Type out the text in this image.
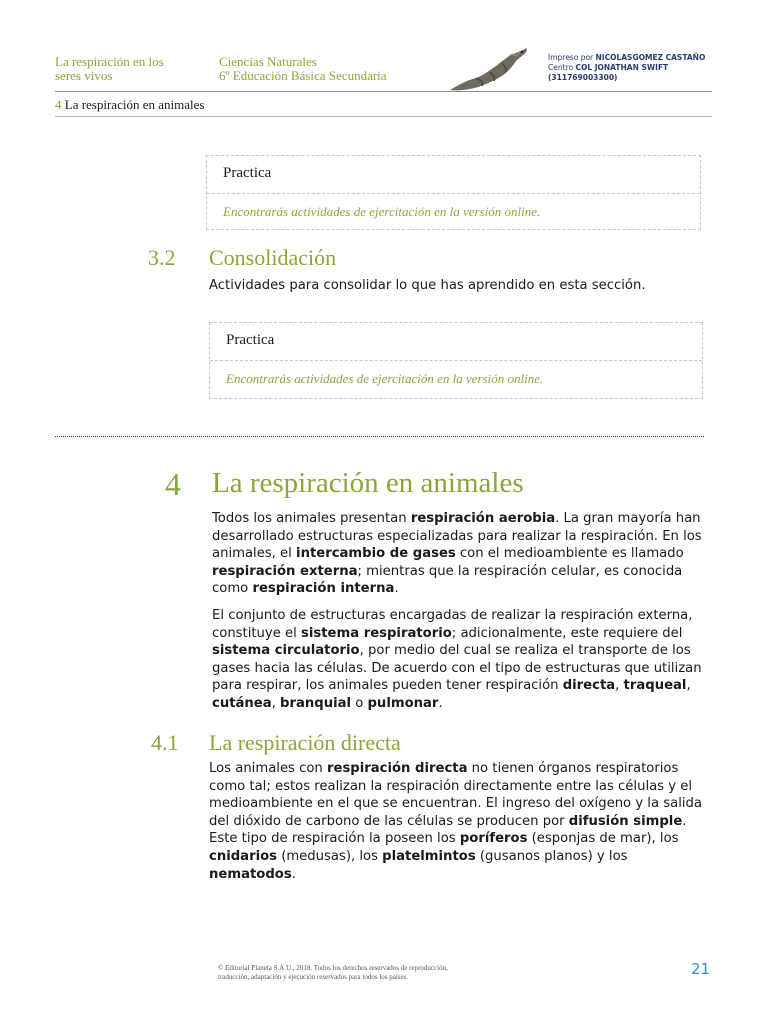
La respiración en los
seres vivos
Ciencias Naturales
6º Educación Básica Secundaria
Impreso por NICOLASGOMEZ CASTAÑO
Centro COL JONATHAN SWIFT
(311769003300)
4 La respiración en animales
Practica
Encontrarás actividades de ejercitación en la versión online.
3.2 Consolidación
Actividades para consolidar lo que has aprendido en esta sección.
Practica
Encontrarás actividades de ejercitación en la versión online.
4 La respiración en animales

Todos los animales presentan respiración aerobia. La gran mayoría han desarrollado estructuras especializadas para realizar la respiración. En los animales, el intercambio de gases con el medioambiente es llamado respiración externa; mientras que la respiración celular, es conocida como respiración interna.

El conjunto de estructuras encargadas de realizar la respiración externa, constituye el sistema respiratorio; adicionalmente, este requiere del sistema circulatorio, por medio del cual se realiza el transporte de los gases hacia las células. De acuerdo con el tipo de estructuras que utilizan para respirar, los animales pueden tener respiración directa, traqueal, cutánea, branquial o pulmonar.

4.1 La respiración directa

Los animales con respiración directa no tienen órganos respiratorios como tal; estos realizan la respiración directamente entre las células y el medioambiente en el que se encuentran. El ingreso del oxígeno y la salida del dióxido de carbono de las células se producen por difusión simple. Este tipo de respiración la poseen los poríferos (esponjas de mar), los cnidarios (medusas), los platelmintos (gusanos planos) y los nematodos.

© Editorial Planeta S.A.U., 2018. Todos los derechos reservados de reproducción,
traducción, adaptación y ejecución reservados para todos los países.	21
